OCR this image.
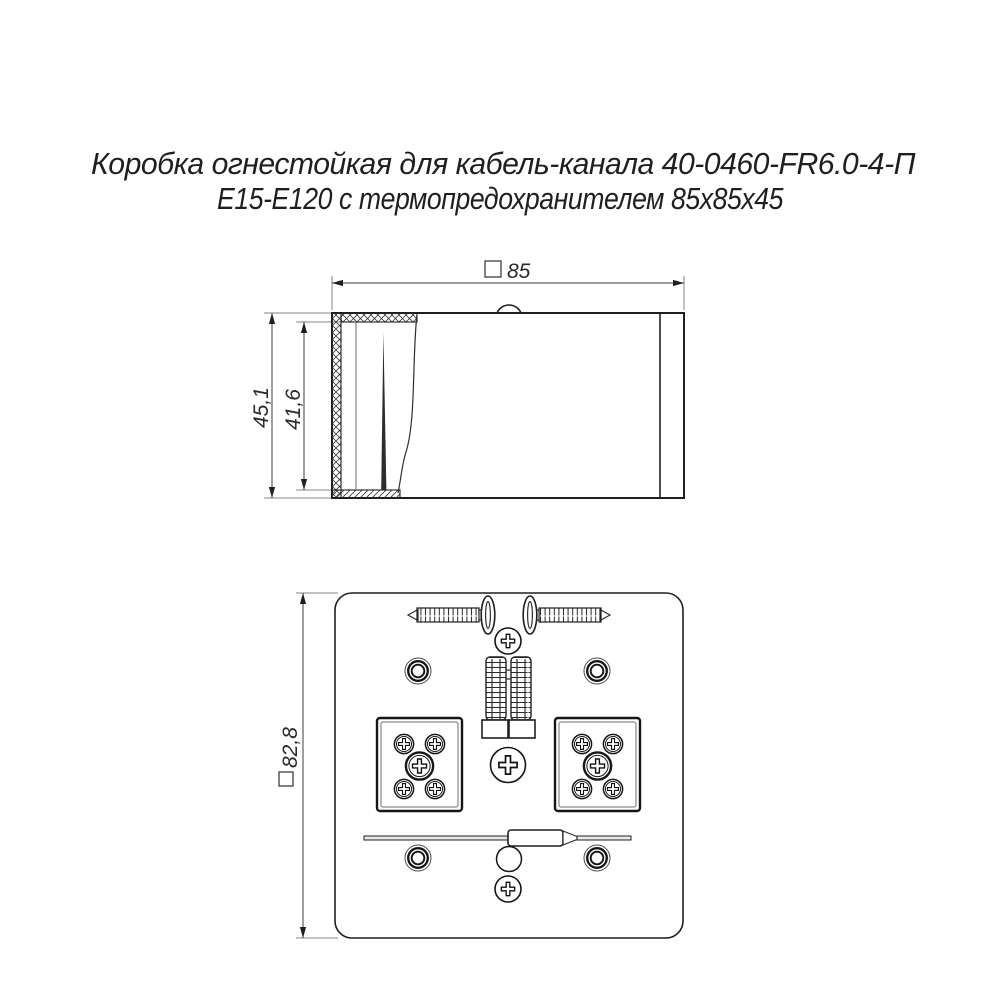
Коробка огнестойкая для кабель-канала 40-0460-FR6.0-4-П
Е15-Е120 с термопредохранителем 85х85х45
85
45,1 41,6
82,8
